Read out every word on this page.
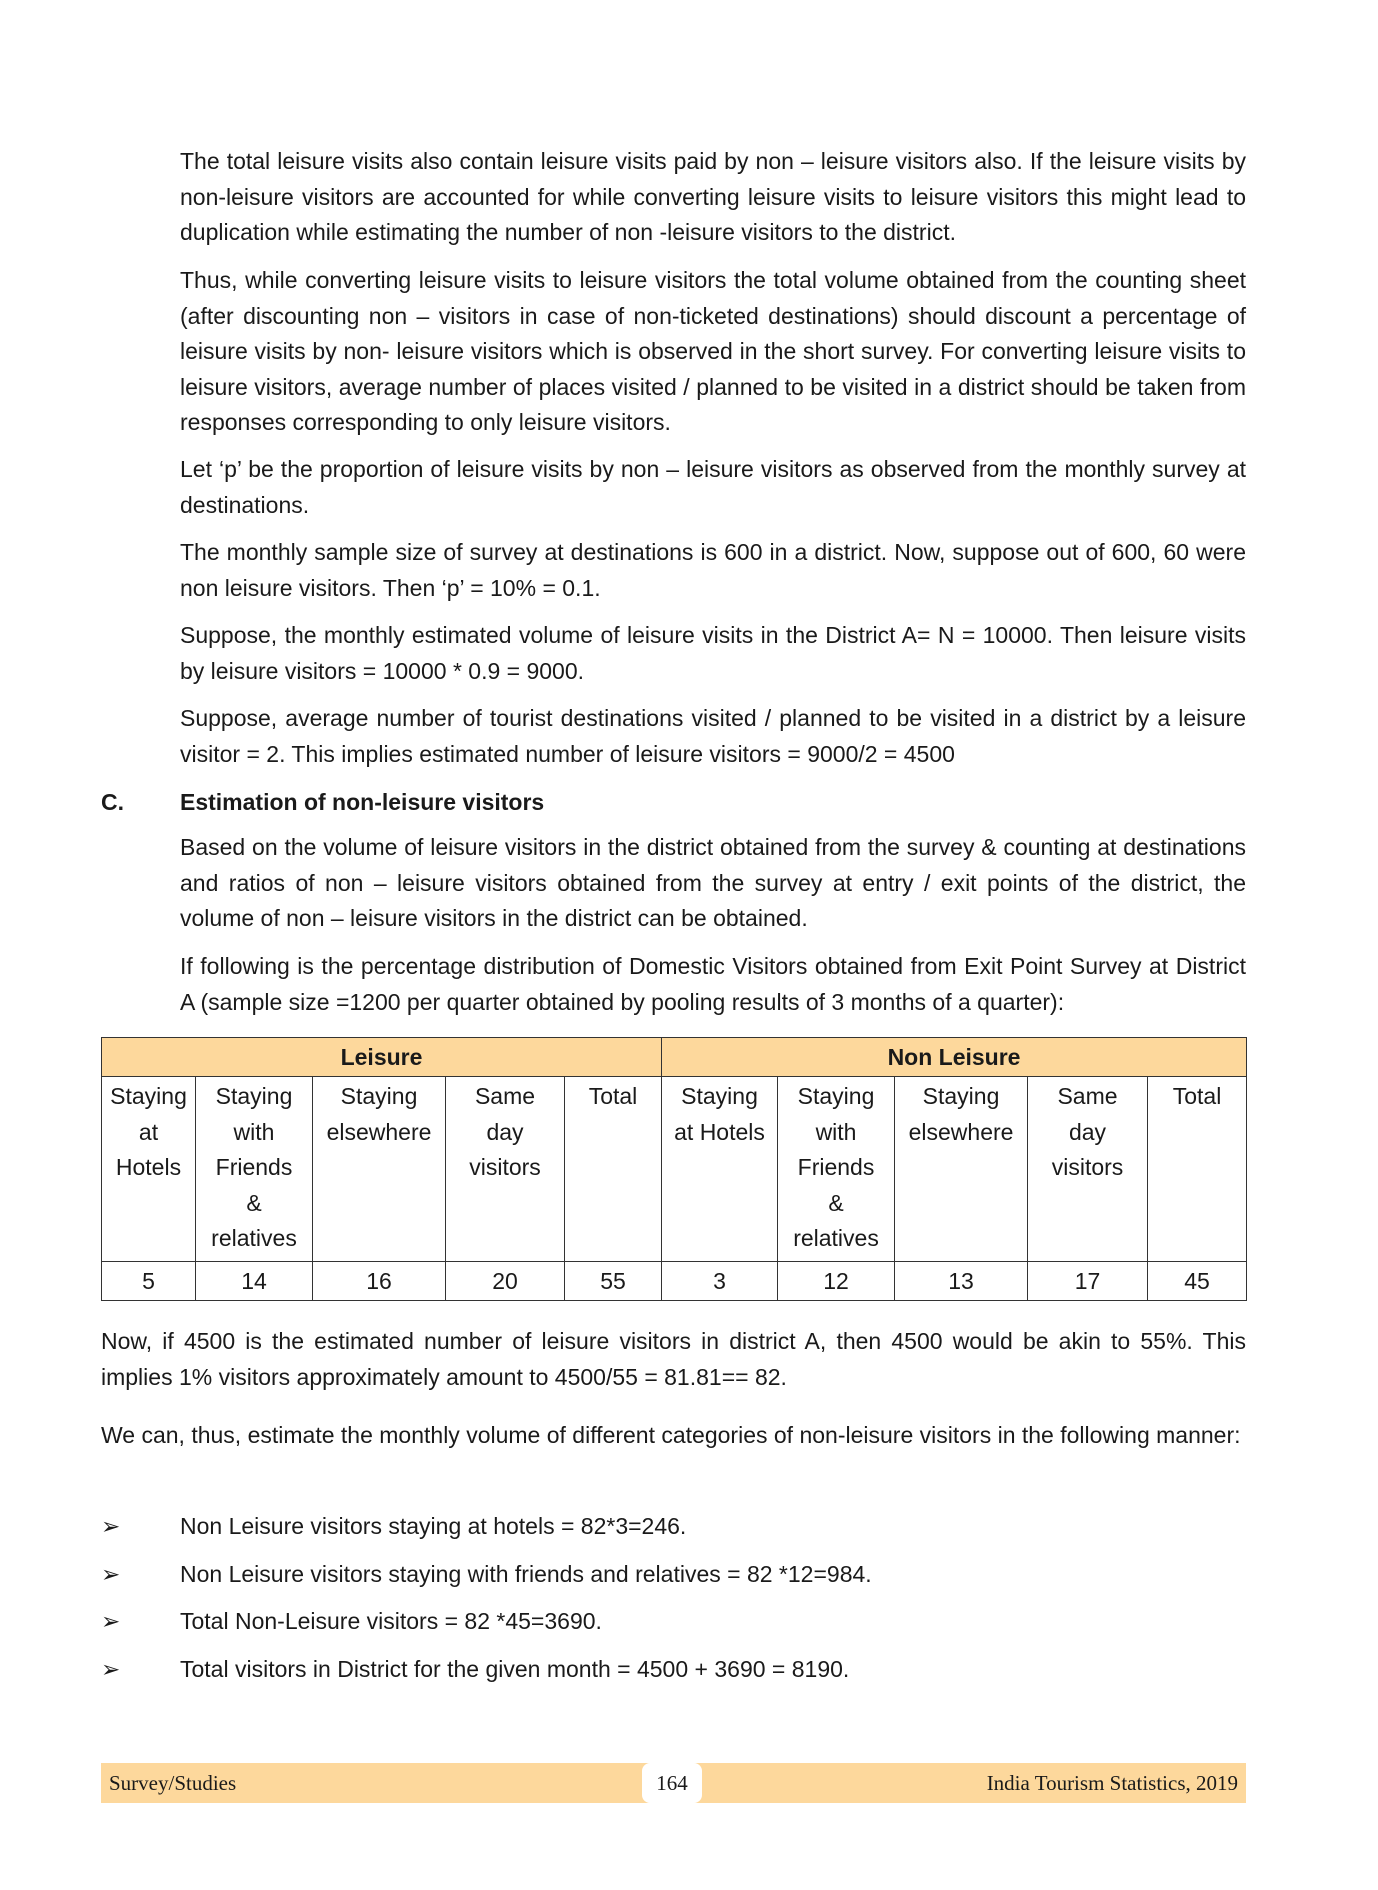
The total leisure visits also contain leisure visits paid by non – leisure visitors also. If the leisure visits by non-leisure visitors are accounted for while converting leisure visits to leisure visitors this might lead to duplication while estimating the number of non -leisure visitors to the district.

Thus, while converting leisure visits to leisure visitors the total volume obtained from the counting sheet (after discounting non – visitors in case of non-ticketed destinations) should discount a percentage of leisure visits by non- leisure visitors which is observed in the short survey. For converting leisure visits to leisure visitors, average number of places visited / planned to be visited in a district should be taken from responses corresponding to only leisure visitors.

Let ‘p’ be the proportion of leisure visits by non – leisure visitors as observed from the monthly survey at destinations.

The monthly sample size of survey at destinations is 600 in a district. Now, suppose out of 600, 60 were non leisure visitors. Then ‘p’ = 10% = 0.1.

Suppose, the monthly estimated volume of leisure visits in the District A= N = 10000. Then leisure visits by leisure visitors = 10000 * 0.9 = 9000.

Suppose, average number of tourist destinations visited / planned to be visited in a district by a leisure visitor = 2. This implies estimated number of leisure visitors = 9000/2 = 4500

C. Estimation of non-leisure visitors

Based on the volume of leisure visitors in the district obtained from the survey & counting at destinations and ratios of non – leisure visitors obtained from the survey at entry / exit points of the district, the volume of non – leisure visitors in the district can be obtained.

If following is the percentage distribution of Domestic Visitors obtained from Exit Point Survey at District A (sample size =1200 per quarter obtained by pooling results of 3 months of a quarter):

Leisure					Non Leisure				
Staying
at
Hotels	Staying
with
Friends
&
relatives	Staying
elsewhere	Same
day
visitors	Total	Staying
at Hotels	Staying
with
Friends
&
relatives	Staying
elsewhere	Same
day
visitors	Total
5	14	16	20	55	3	12	13	17	45

Now, if 4500 is the estimated number of leisure visitors in district A, then 4500 would be akin to 55%. This implies 1% visitors approximately amount to 4500/55 = 81.81== 82.

We can, thus, estimate the monthly volume of different categories of non-leisure visitors in the following manner:

➢	Non Leisure visitors staying at hotels = 82*3=246.
➢	Non Leisure visitors staying with friends and relatives = 82 *12=984.
➢	Total Non-Leisure visitors = 82 *45=3690.
➢	Total visitors in District for the given month = 4500 + 3690 = 8190.
Survey/Studies	164	India Tourism Statistics, 2019
